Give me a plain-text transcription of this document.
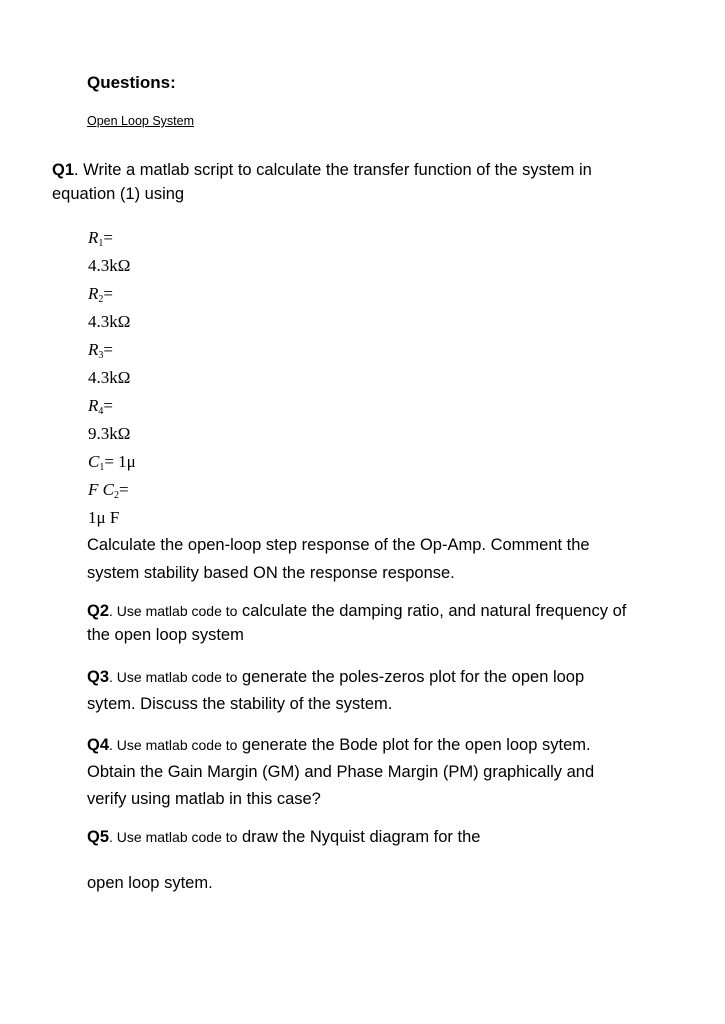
Questions:
Open Loop System
Q1. Write a matlab script to calculate the transfer function of the system in
equation (1) using
$R_1=$
4.3kΩ
$R_2=$
4.3kΩ
$R_3=$
4.3kΩ
$R_4=$
9.3kΩ
$C_1= 1\mu$
F $C_2=$
1μ F
Calculate the open-loop step response of the Op-Amp. Comment the
system stability based ON the response response.
Q2. Use matlab code to calculate the damping ratio, and natural frequency of
the open loop system
Q3. Use matlab code to generate the poles-zeros plot for the open loop
sytem. Discuss the stability of the system.
Q4. Use matlab code to generate the Bode plot for the open loop sytem.
Obtain the Gain Margin (GM) and Phase Margin (PM) graphically and
verify using matlab in this case?
Q5. Use matlab code to draw the Nyquist diagram for the
open loop sytem.
